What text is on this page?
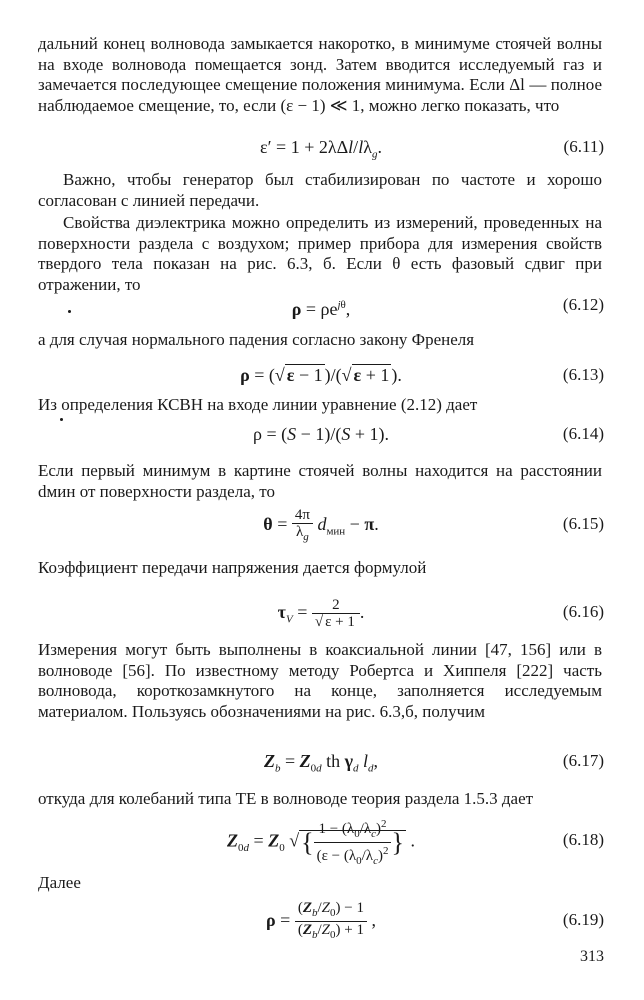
дальний конец волновода замыкается накоротко, в минимуме стоячей волны на входе волновода помещается зонд. Затем вводится исследуемый газ и замечается последующее смещение положения минимума. Если Δl — полное наблюдаемое смещение, то, если (ε − 1) ≪ 1, можно легко показать, что

$\varepsilon' = 1 + 2\lambda\Delta l/l\lambda_g$.	(6.11)

Важно, чтобы генератор был стабилизирован по частоте и хорошо согласован с линией передачи.

Свойства диэлектрика можно определить из измерений, проведенных на поверхности раздела с воздухом; пример прибора для измерения свойств твердого тела показан на рис. 6.3, б. Если θ есть фазовый сдвиг при отражении, то

$\rho = \rho e^{j\theta}$,	(6.12)

а для случая нормального падения согласно закону Френеля

ρ = (√ ε − 1 )/(√ ε + 1 ).	(6.13)

Из определения КСВН на входе линии уравнение (2.12) дает

ρ = (S − 1)/(S + 1).	(6.14)

Если первый минимум в картине стоячей волны находится на расстоянии dмин от поверхности раздела, то

$\theta = \frac{4\pi}{\lambda_g} d_{мин} - \pi$.	(6.15)

Коэффициент передачи напряжения дается формулой

$\tau_V = \frac{2}{√ \varepsilon + 1}$ .	(6.16)

Измерения могут быть выполнены в коаксиальной линии [47, 156] или в волноводе [56]. По известному методу Робертса и Хиппеля [222] часть волновода, короткозамкнутого на конце, заполняется исследуемым материалом. Пользуясь обозначениями на рис. 6.3,б, получим

$Z_b = Z_{0d}$ th $\gamma_d$ $l_d$,	(6.17)

откуда для колебаний типа ТЕ в волноводе теория раздела 1.5.3 дает

$Z_{0d} = Z_0$ √{ $\frac{1 - (\lambda_0/\lambda_c)^2}{(\varepsilon - (\lambda_0/\lambda_c)^2}$ } .	(6.18)

Далее

$\rho = \frac{(Z_b/Z_0) - 1}{(Z_b/Z_0) + 1}$ ,	(6.19)
313
